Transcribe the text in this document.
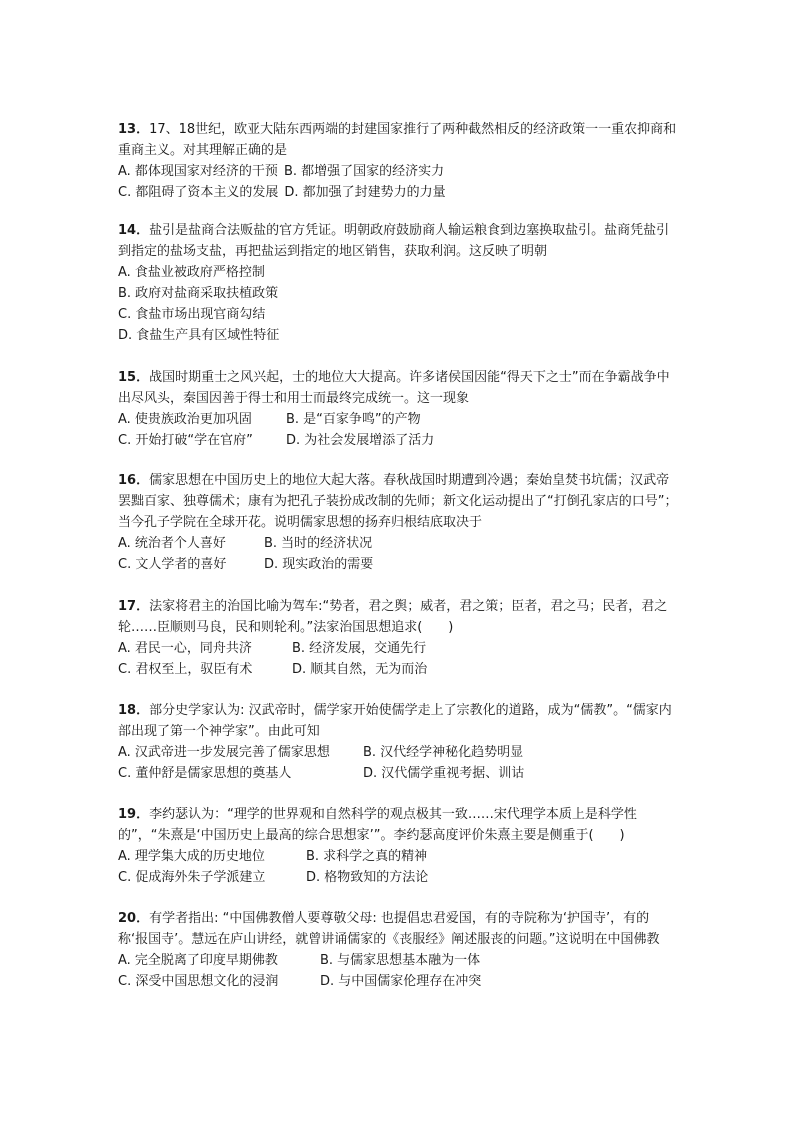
13．17、18世纪，欧亚大陆东西两端的封建国家推行了两种截然相反的经济政策一一重农抑商和重商主义。对其理解正确的是

A. 都体现国家对经济的干预 B. 都增强了国家的经济实力
C. 都阻碍了资本主义的发展 D. 都加强了封建势力的力量

14．盐引是盐商合法贩盐的官方凭证。明朝政府鼓励商人输运粮食到边塞换取盐引。盐商凭盐引到指定的盐场支盐，再把盐运到指定的地区销售，获取利润。这反映了明朝

A. 食盐业被政府严格控制
B. 政府对盐商采取扶植政策
C. 食盐市场出现官商勾结
D. 食盐生产具有区域性特征

15．战国时期重士之风兴起，士的地位大大提高。许多诸侯国因能“得天下之士”而在争霸战争中出尽风头，秦国因善于得士和用士而最终完成统一。这一现象

A. 使贵族政治更加巩固	B. 是“百家争鸣”的产物
C. 开始打破“学在官府”	D. 为社会发展增添了活力

16．儒家思想在中国历史上的地位大起大落。春秋战国时期遭到冷遇；秦始皇焚书坑儒；汉武帝罢黜百家、独尊儒术；康有为把孔子装扮成改制的先师；新文化运动提出了“打倒孔家店的口号”；当今孔子学院在全球开花。说明儒家思想的扬弃归根结底取决于

A. 统治者个人喜好	B. 当时的经济状况
C. 文人学者的喜好	D. 现实政治的需要

17．法家将君主的治国比喻为驾车:“势者，君之舆；威者，君之策；臣者，君之马；民者，君之轮……臣顺则马良，民和则轮利。”法家治国思想追求(　　)

A. 君民一心，同舟共济	B. 经济发展，交通先行
C. 君权至上，驭臣有术	D. 顺其自然，无为而治

18．部分史学家认为: 汉武帝时，儒学家开始使儒学走上了宗教化的道路，成为“儒教”。“儒家内部出现了第一个神学家”。由此可知

A. 汉武帝进一步发展完善了儒家思想	B. 汉代经学神秘化趋势明显
C. 董仲舒是儒家思想的奠基人	D. 汉代儒学重视考据、训诂

19．李约瑟认为：“理学的世界观和自然科学的观点极其一致……宋代理学本质上是科学性的”，“朱熹是‘中国历史上最高的综合思想家’”。李约瑟高度评价朱熹主要是侧重于(　　)

A. 理学集大成的历史地位	B. 求科学之真的精神
C. 促成海外朱子学派建立	D. 格物致知的方法论

20．有学者指出: “中国佛教僧人要尊敬父母: 也提倡忠君爱国，有的寺院称为‘护国寺’，有的称‘报国寺’。慧远在庐山讲经，就曾讲诵儒家的《丧服经》阐述服丧的问题。”这说明在中国佛教

A. 完全脱离了印度早期佛教	B. 与儒家思想基本融为一体
C. 深受中国思想文化的浸润	D. 与中国儒家伦理存在冲突
